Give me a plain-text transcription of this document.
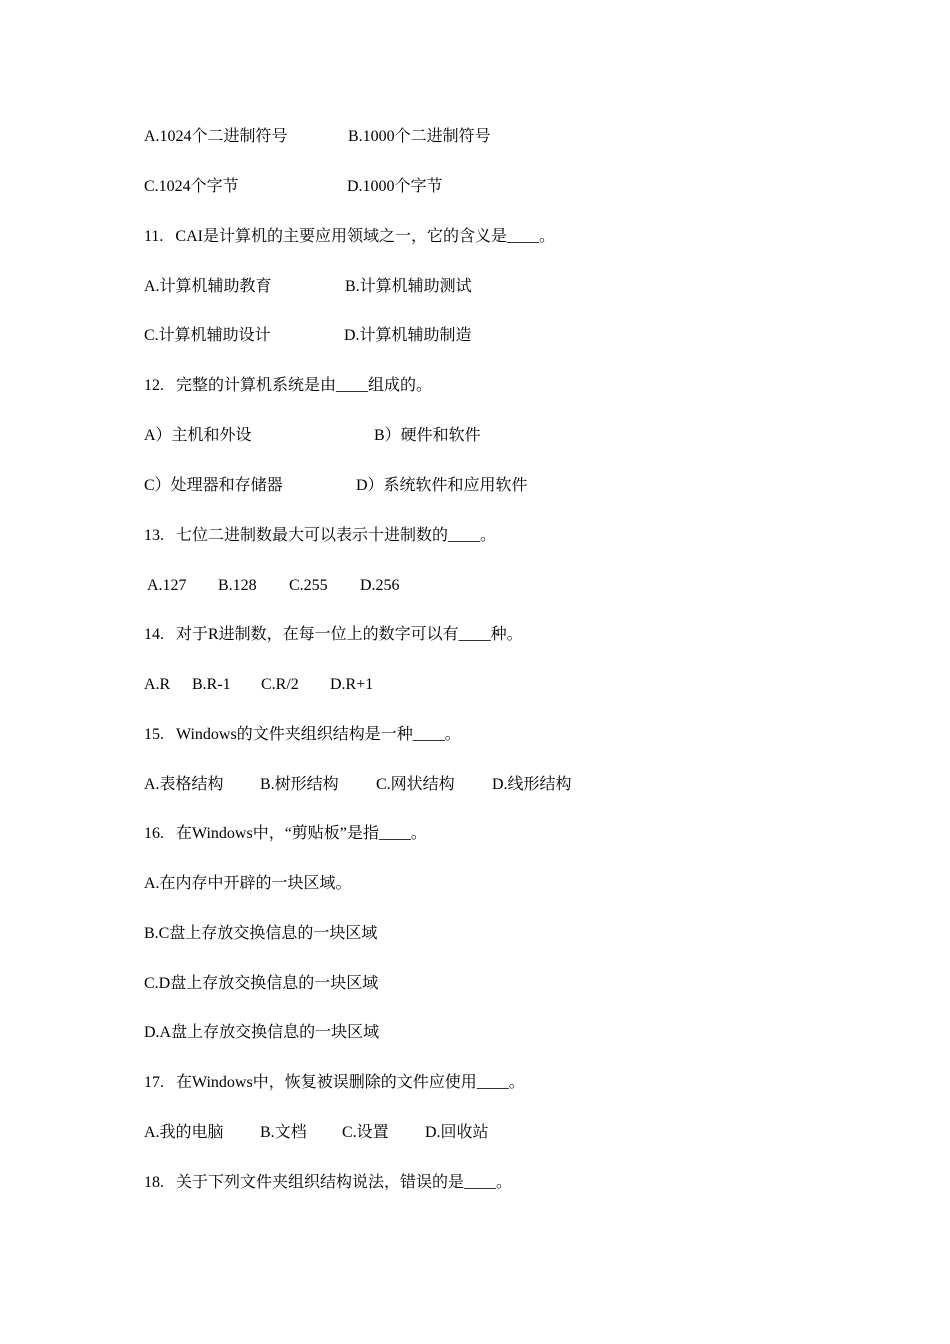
A.1024个二进制符号

	B.1000个二进制符号

C.1024个字节

	D.1000个字节

11.   CAI是计算机的主要应用领域之一，它的含义是____。

A.计算机辅助教育

	B.计算机辅助测试

C.计算机辅助设计

	D.计算机辅助制造

12.   完整的计算机系统是由____组成的。

A）主机和外设

	B）硬件和软件

C）处理器和存储器

	D）系统软件和应用软件

13.   七位二进制数最大可以表示十进制数的____。

A.127

B.128

C.255

D.256

14.   对于R进制数，在每一位上的数字可以有____种。

A.R

B.R-1

C.R/2

D.R+1

15.   Windows的文件夹组织结构是一种____。

A.表格结构

B.树形结构

C.网状结构

D.线形结构

16.   在Windows中，“剪贴板”是指____。

A.在内存中开辟的一块区域。

B.C盘上存放交换信息的一块区域

C.D盘上存放交换信息的一块区域

D.A盘上存放交换信息的一块区域

17.   在Windows中，恢复被误删除的文件应使用____。

A.我的电脑

B.文档

C.设置

D.回收站

18.   关于下列文件夹组织结构说法，错误的是____。
